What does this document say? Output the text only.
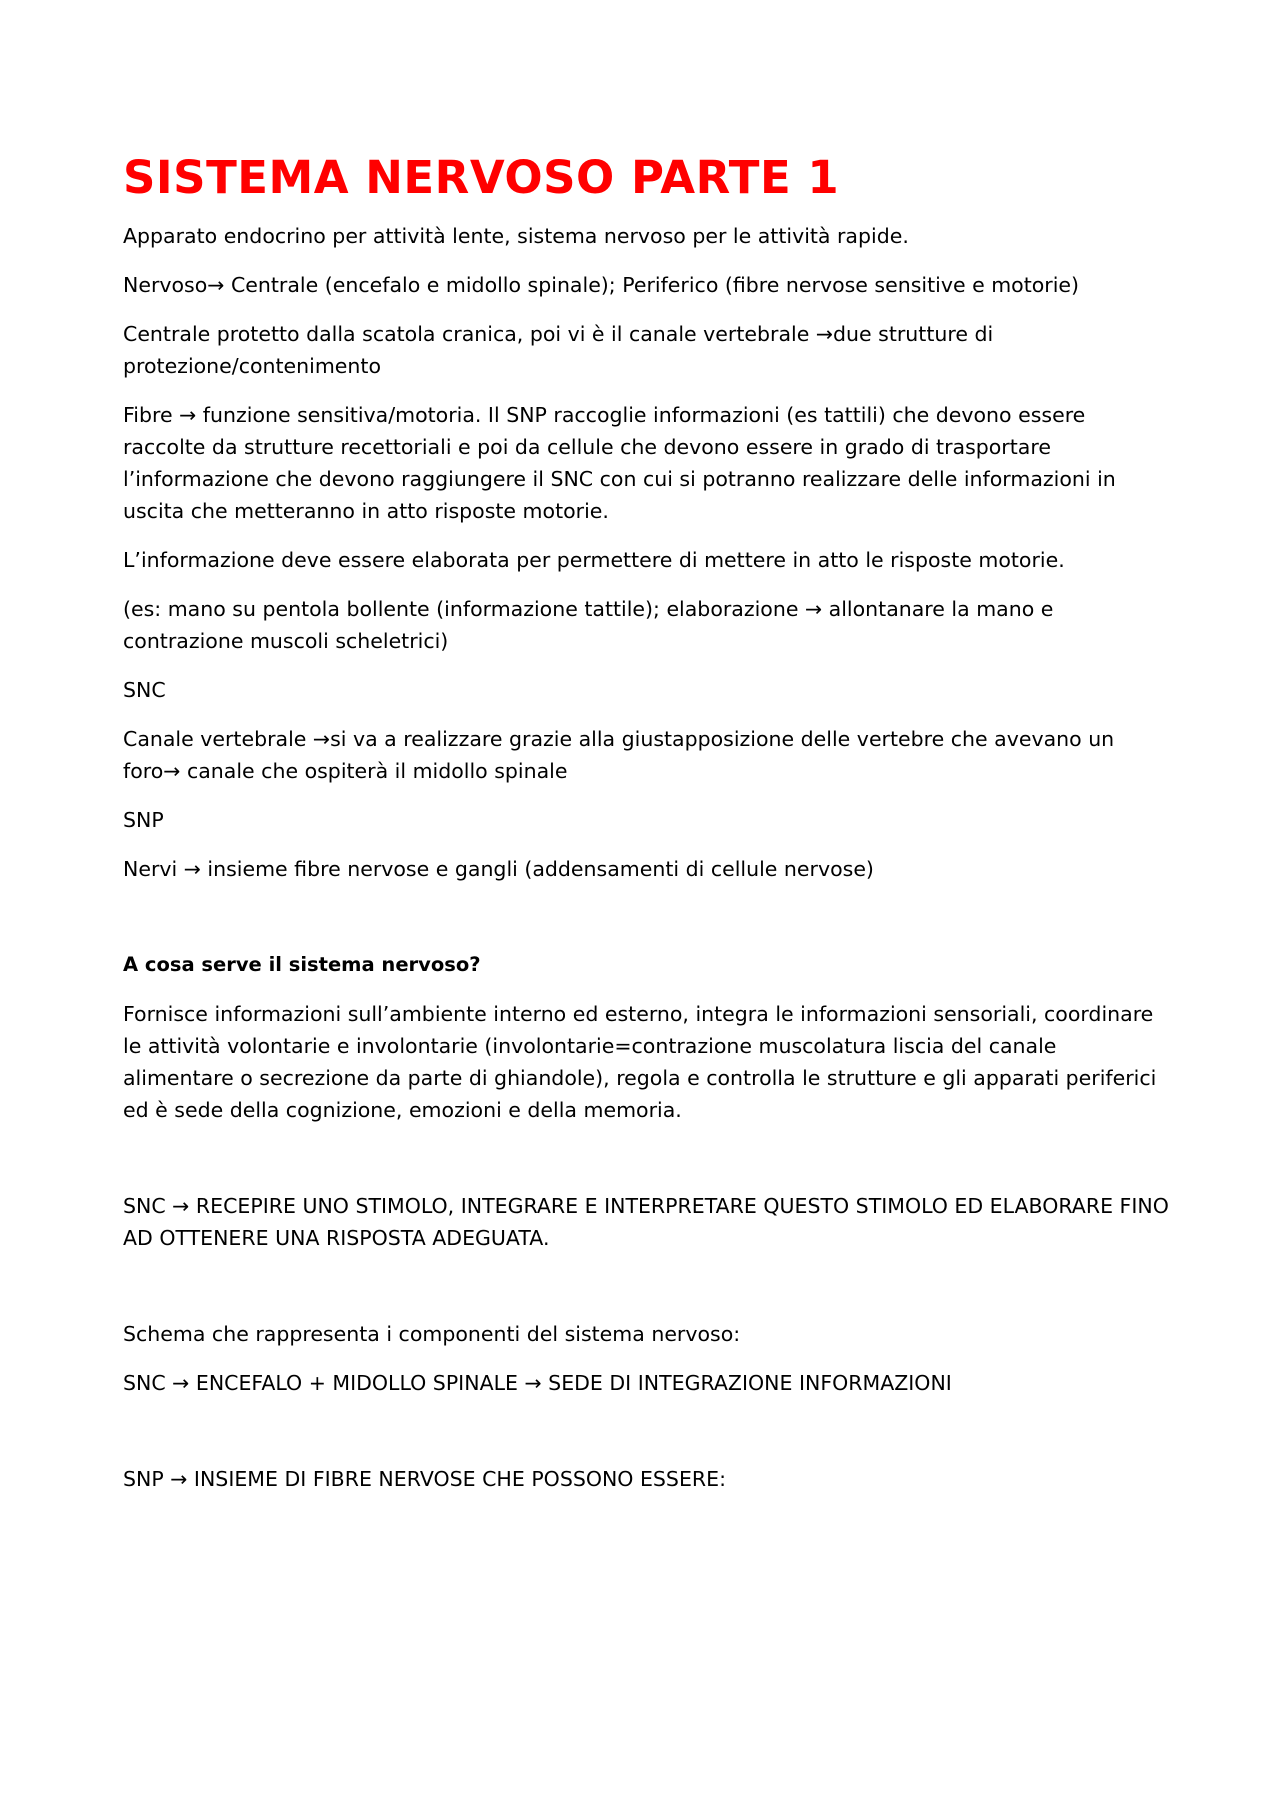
SISTEMA NERVOSO PARTE 1

Apparato endocrino per attività lente, sistema nervoso per le attività rapide.

Nervoso→ Centrale (encefalo e midollo spinale); Periferico (fibre nervose sensitive e motorie)

Centrale protetto dalla scatola cranica, poi vi è il canale vertebrale →due strutture di protezione/contenimento

Fibre → funzione sensitiva/motoria. Il SNP raccoglie informazioni (es tattili) che devono essere raccolte da strutture recettoriali e poi da cellule che devono essere in grado di trasportare l’informazione che devono raggiungere il SNC con cui si potranno realizzare delle informazioni in uscita che metteranno in atto risposte motorie.

L’informazione deve essere elaborata per permettere di mettere in atto le risposte motorie.

(es: mano su pentola bollente (informazione tattile); elaborazione → allontanare la mano e contrazione muscoli scheletrici)

SNC

Canale vertebrale →si va a realizzare grazie alla giustapposizione delle vertebre che avevano un foro→ canale che ospiterà il midollo spinale

SNP

Nervi → insieme fibre nervose e gangli (addensamenti di cellule nervose)

A cosa serve il sistema nervoso?

Fornisce informazioni sull’ambiente interno ed esterno, integra le informazioni sensoriali, coordinare le attività volontarie e involontarie (involontarie=contrazione muscolatura liscia del canale alimentare o secrezione da parte di ghiandole), regola e controlla le strutture e gli apparati periferici ed è sede della cognizione, emozioni e della memoria.

SNC → RECEPIRE UNO STIMOLO, INTEGRARE E INTERPRETARE QUESTO STIMOLO ED ELABORARE FINO AD OTTENERE UNA RISPOSTA ADEGUATA.

Schema che rappresenta i componenti del sistema nervoso:

SNC → ENCEFALO + MIDOLLO SPINALE → SEDE DI INTEGRAZIONE INFORMAZIONI

SNP → INSIEME DI FIBRE NERVOSE CHE POSSONO ESSERE:
